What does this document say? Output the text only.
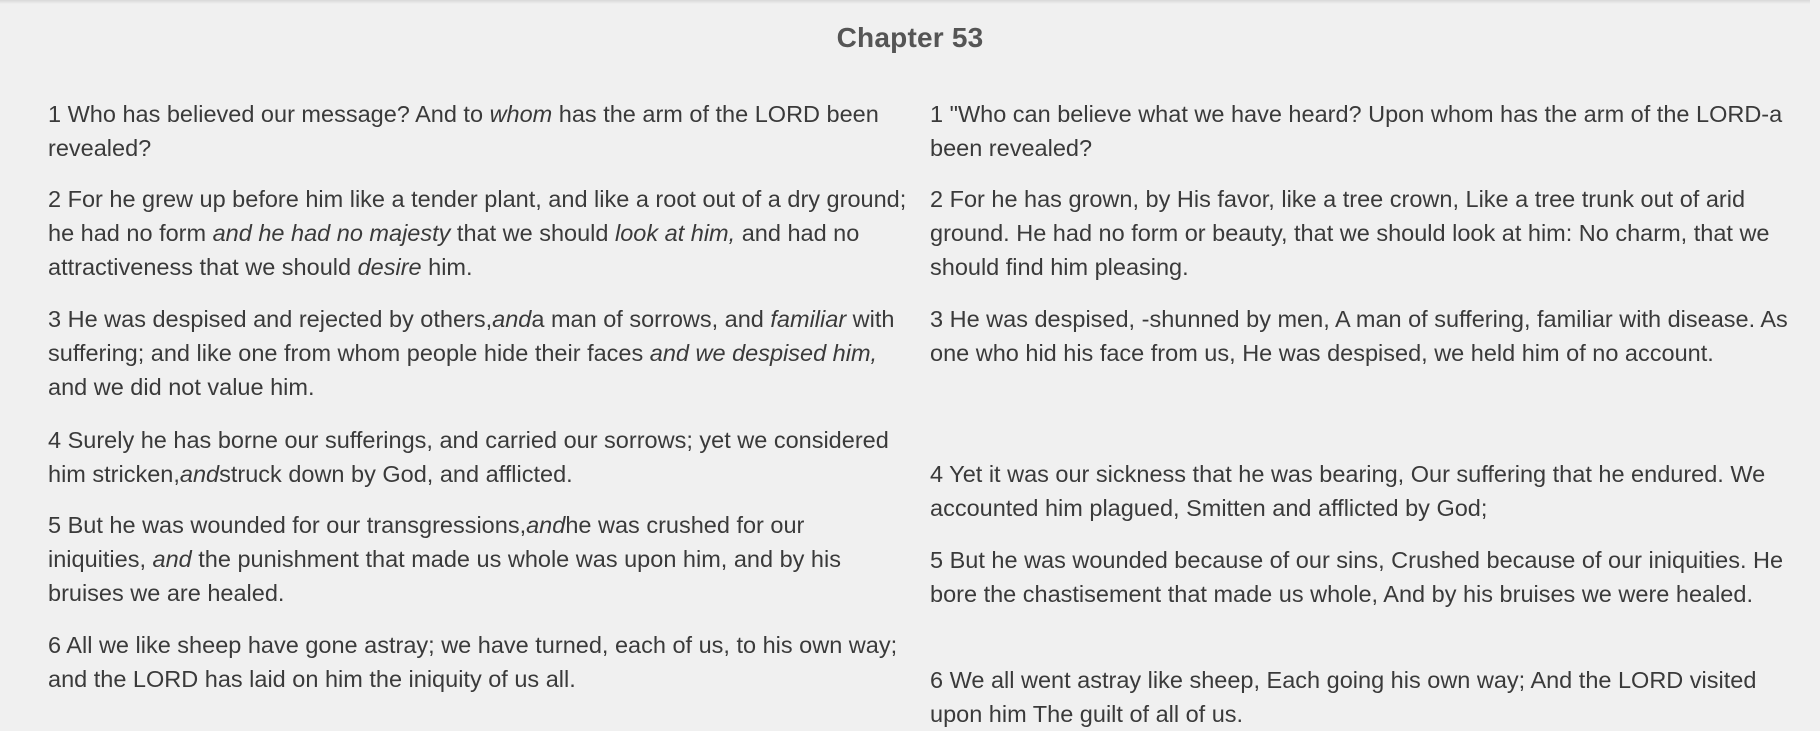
Chapter 53

1 Who has believed our message? And to whom has the arm of the LORD been revealed?

2 For he grew up before him like a tender plant, and like a root out of a dry ground; he had no form and he had no majesty that we should look at him, and had no attractiveness that we should desire him.

3 He was despised and rejected by others,anda man of sorrows, and familiar with suffering; and like one from whom people hide their faces and we despised him, and we did not value him.

4 Surely he has borne our sufferings, and carried our sorrows; yet we considered him stricken,andstruck down by God, and afflicted.

5 But he was wounded for our transgressions,andhe was crushed for our iniquities, and the punishment that made us whole was upon him, and by his bruises we are healed.

6 All we like sheep have gone astray; we have turned, each of us, to his own way; and the LORD has laid on him the iniquity of us all.

1 "Who can believe what we have heard? Upon whom has the arm of the LORD-a been revealed?

2 For he has grown, by His favor, like a tree crown, Like a tree trunk out of arid ground. He had no form or beauty, that we should look at him: No charm, that we should find him pleasing.

3 He was despised, -shunned by men, A man of suffering, familiar with disease. As one who hid his face from us, He was despised, we held him of no account.

4 Yet it was our sickness that he was bearing, Our suffering that he endured. We accounted him plagued, Smitten and afflicted by God;

5 But he was wounded because of our sins, Crushed because of our iniquities. He bore the chastisement that made us whole, And by his bruises we were healed.

6 We all went astray like sheep, Each going his own way; And the LORD visited upon him The guilt of all of us.
